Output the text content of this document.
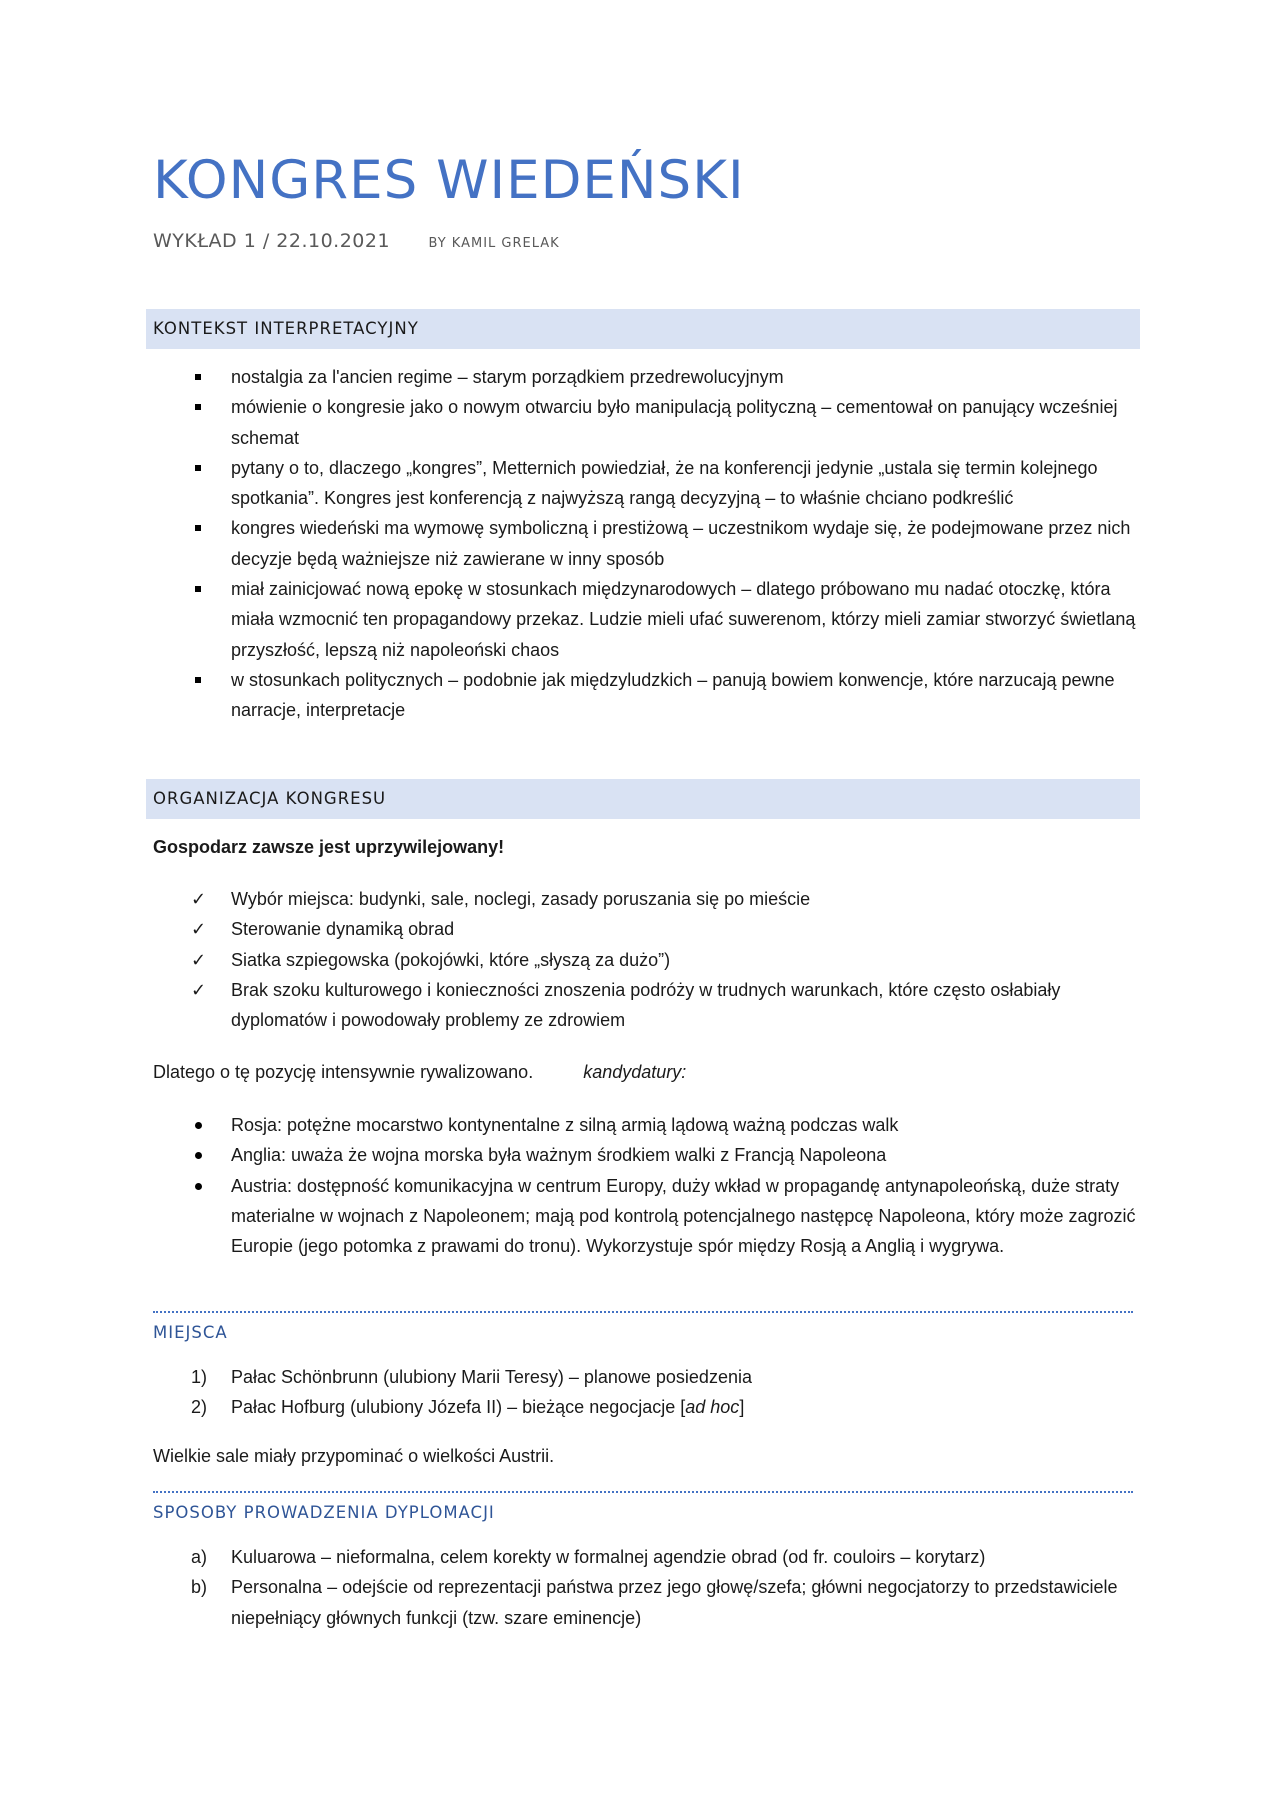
KONGRES WIEDEŃSKI
WYKŁAD 1 / 22.10.2021	BY KAMIL GRELAK
KONTEKST INTERPRETACYJNY
nostalgia za l'ancien regime – starym porządkiem przedrewolucyjnym
mówienie o kongresie jako o nowym otwarciu było manipulacją polityczną – cementował on panujący wcześniej schemat
pytany o to, dlaczego „kongres”, Metternich powiedział, że na konferencji jedynie „ustala się termin kolejnego spotkania”. Kongres jest konferencją z najwyższą rangą decyzyjną – to właśnie chciano podkreślić
kongres wiedeński ma wymowę symboliczną i prestiżową – uczestnikom wydaje się, że podejmowane przez nich decyzje będą ważniejsze niż zawierane w inny sposób
miał zainicjować nową epokę w stosunkach międzynarodowych – dlatego próbowano mu nadać otoczkę, która miała wzmocnić ten propagandowy przekaz. Ludzie mieli ufać suwerenom, którzy mieli zamiar stworzyć świetlaną przyszłość, lepszą niż napoleoński chaos
w stosunkach politycznych – podobnie jak międzyludzkich – panują bowiem konwencje, które narzucają pewne narracje, interpretacje
ORGANIZACJA KONGRESU
Gospodarz zawsze jest uprzywilejowany!
✓	Wybór miejsca: budynki, sale, noclegi, zasady poruszania się po mieście
✓	Sterowanie dynamiką obrad
✓	Siatka szpiegowska (pokojówki, które „słyszą za dużo”)
✓	Brak szoku kulturowego i konieczności znoszenia podróży w trudnych warunkach, które często osłabiały dyplomatów i powodowały problemy ze zdrowiem
Dlatego o tę pozycję intensywnie rywalizowano.	kandydatury:
Rosja: potężne mocarstwo kontynentalne z silną armią lądową ważną podczas walk
Anglia: uważa że wojna morska była ważnym środkiem walki z Francją Napoleona
Austria: dostępność komunikacyjna w centrum Europy, duży wkład w propagandę antynapoleońską, duże straty materialne w wojnach z Napoleonem; mają pod kontrolą potencjalnego następcę Napoleona, który może zagrozić Europie (jego potomka z prawami do tronu). Wykorzystuje spór między Rosją a Anglią i wygrywa.
MIEJSCA
1)	Pałac Schönbrunn (ulubiony Marii Teresy) – planowe posiedzenia
2)	Pałac Hofburg (ulubiony Józefa II) – bieżące negocjacje [ad hoc]
Wielkie sale miały przypominać o wielkości Austrii.
SPOSOBY PROWADZENIA DYPLOMACJI
a)	Kuluarowa – nieformalna, celem korekty w formalnej agendzie obrad (od fr. couloirs – korytarz)
b)	Personalna – odejście od reprezentacji państwa przez jego głowę/szefa; główni negocjatorzy to przedstawiciele niepełniący głównych funkcji (tzw. szare eminencje)
